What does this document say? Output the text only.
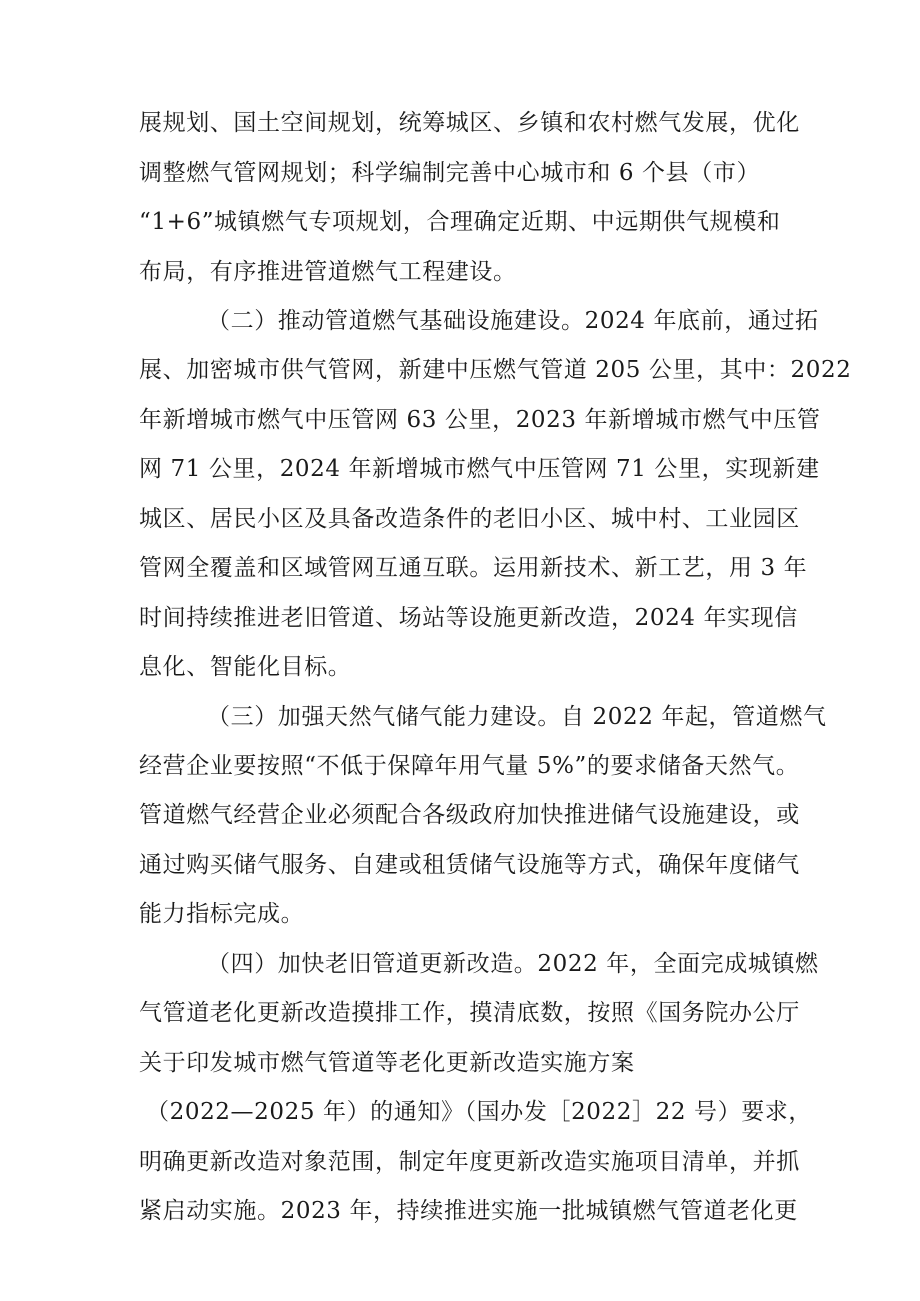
展规划、国土空间规划，统筹城区、乡镇和农村燃气发展，优化
调整燃气管网规划；科学编制完善中心城市和 6 个县（市）
“1+6”城镇燃气专项规划，合理确定近期、中远期供气规模和
布局，有序推进管道燃气工程建设。
（二）推动管道燃气基础设施建设。2024 年底前，通过拓
展、加密城市供气管网，新建中压燃气管道 205 公里，其中：2022
年新增城市燃气中压管网 63 公里，2023 年新增城市燃气中压管
网 71 公里，2024 年新增城市燃气中压管网 71 公里，实现新建
城区、居民小区及具备改造条件的老旧小区、城中村、工业园区
管网全覆盖和区域管网互通互联。运用新技术、新工艺，用 3 年
时间持续推进老旧管道、场站等设施更新改造，2024 年实现信
息化、智能化目标。
（三）加强天然气储气能力建设。自 2022 年起，管道燃气
经营企业要按照“不低于保障年用气量 5%”的要求储备天然气。
管道燃气经营企业必须配合各级政府加快推进储气设施建设，或
通过购买储气服务、自建或租赁储气设施等方式，确保年度储气
能力指标完成。
（四）加快老旧管道更新改造。2022 年，全面完成城镇燃
气管道老化更新改造摸排工作，摸清底数，按照《国务院办公厅
关于印发城市燃气管道等老化更新改造实施方案
（2022—2025 年）的通知》（国办发［2022］22 号）要求，
明确更新改造对象范围，制定年度更新改造实施项目清单，并抓
紧启动实施。2023 年，持续推进实施一批城镇燃气管道老化更
